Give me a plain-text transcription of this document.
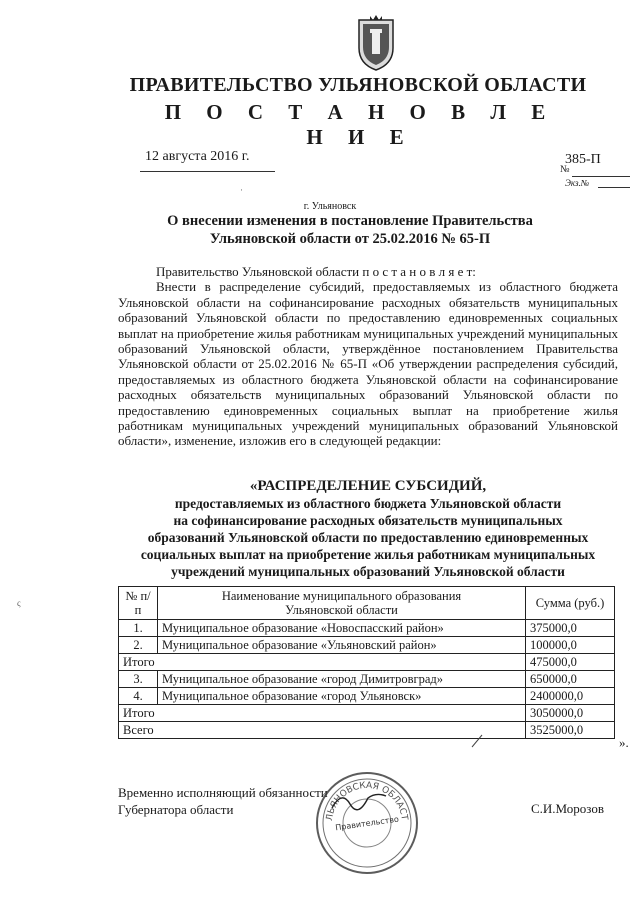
ПРАВИТЕЛЬСТВО УЛЬЯНОВСКОЙ ОБЛАСТИ
П О С Т А Н О В Л Е Н И Е
12 августа 2016 г.	385-П
№
Экз.№
г. Ульяновск
О внесении изменения в постановление Правительства
Ульяновской области от 25.02.2016 № 65-П

Правительство Ульяновской области п о с т а н о в л я е т:

Внести в распределение субсидий, предоставляемых из областного бюджета Ульяновской области на софинансирование расходных обязательств муниципальных образований Ульяновской области по предоставлению единовременных социальных выплат на приобретение жилья работникам муниципальных учреждений муниципальных образований Ульяновской области, утверждённое постановлением Правительства Ульяновской области от 25.02.2016 № 65-П «Об утверждении распределения субсидий, предоставляемых из областного бюджета Ульяновской области на софинансирование расходных обязательств муниципальных образований Ульяновской области по предоставлению единовременных социальных выплат на приобретение жилья работникам муниципальных учреждений муниципальных образований Ульяновской области», изменение, изложив его в следующей редакции:

«РАСПРЕДЕЛЕНИЕ СУБСИДИЙ,
предоставляемых из областного бюджета Ульяновской области
на софинансирование расходных обязательств муниципальных
образований Ульяновской области по предоставлению единовременных
социальных выплат на приобретение жилья работникам муниципальных
учреждений муниципальных образований Ульяновской области
№ п/п	Наименование муниципального образования Ульяновской области	Сумма (руб.)
1.	Муниципальное образование «Новоспасский район»	375000,0
2.	Муниципальное образование «Ульяновский район»	100000,0
Итого		475000,0
3.	Муниципальное образование «город Димитровград»	650000,0
4.	Муниципальное образование «город Ульяновск»	2400000,0
Итого		3050000,0
Всего		3525000,0
».
Временно исполняющий обязанности
Губернатора области
ЛЬЯНОВСКАЯ ОБЛАСТ
Правительство
С.И.Морозов
ς
·
